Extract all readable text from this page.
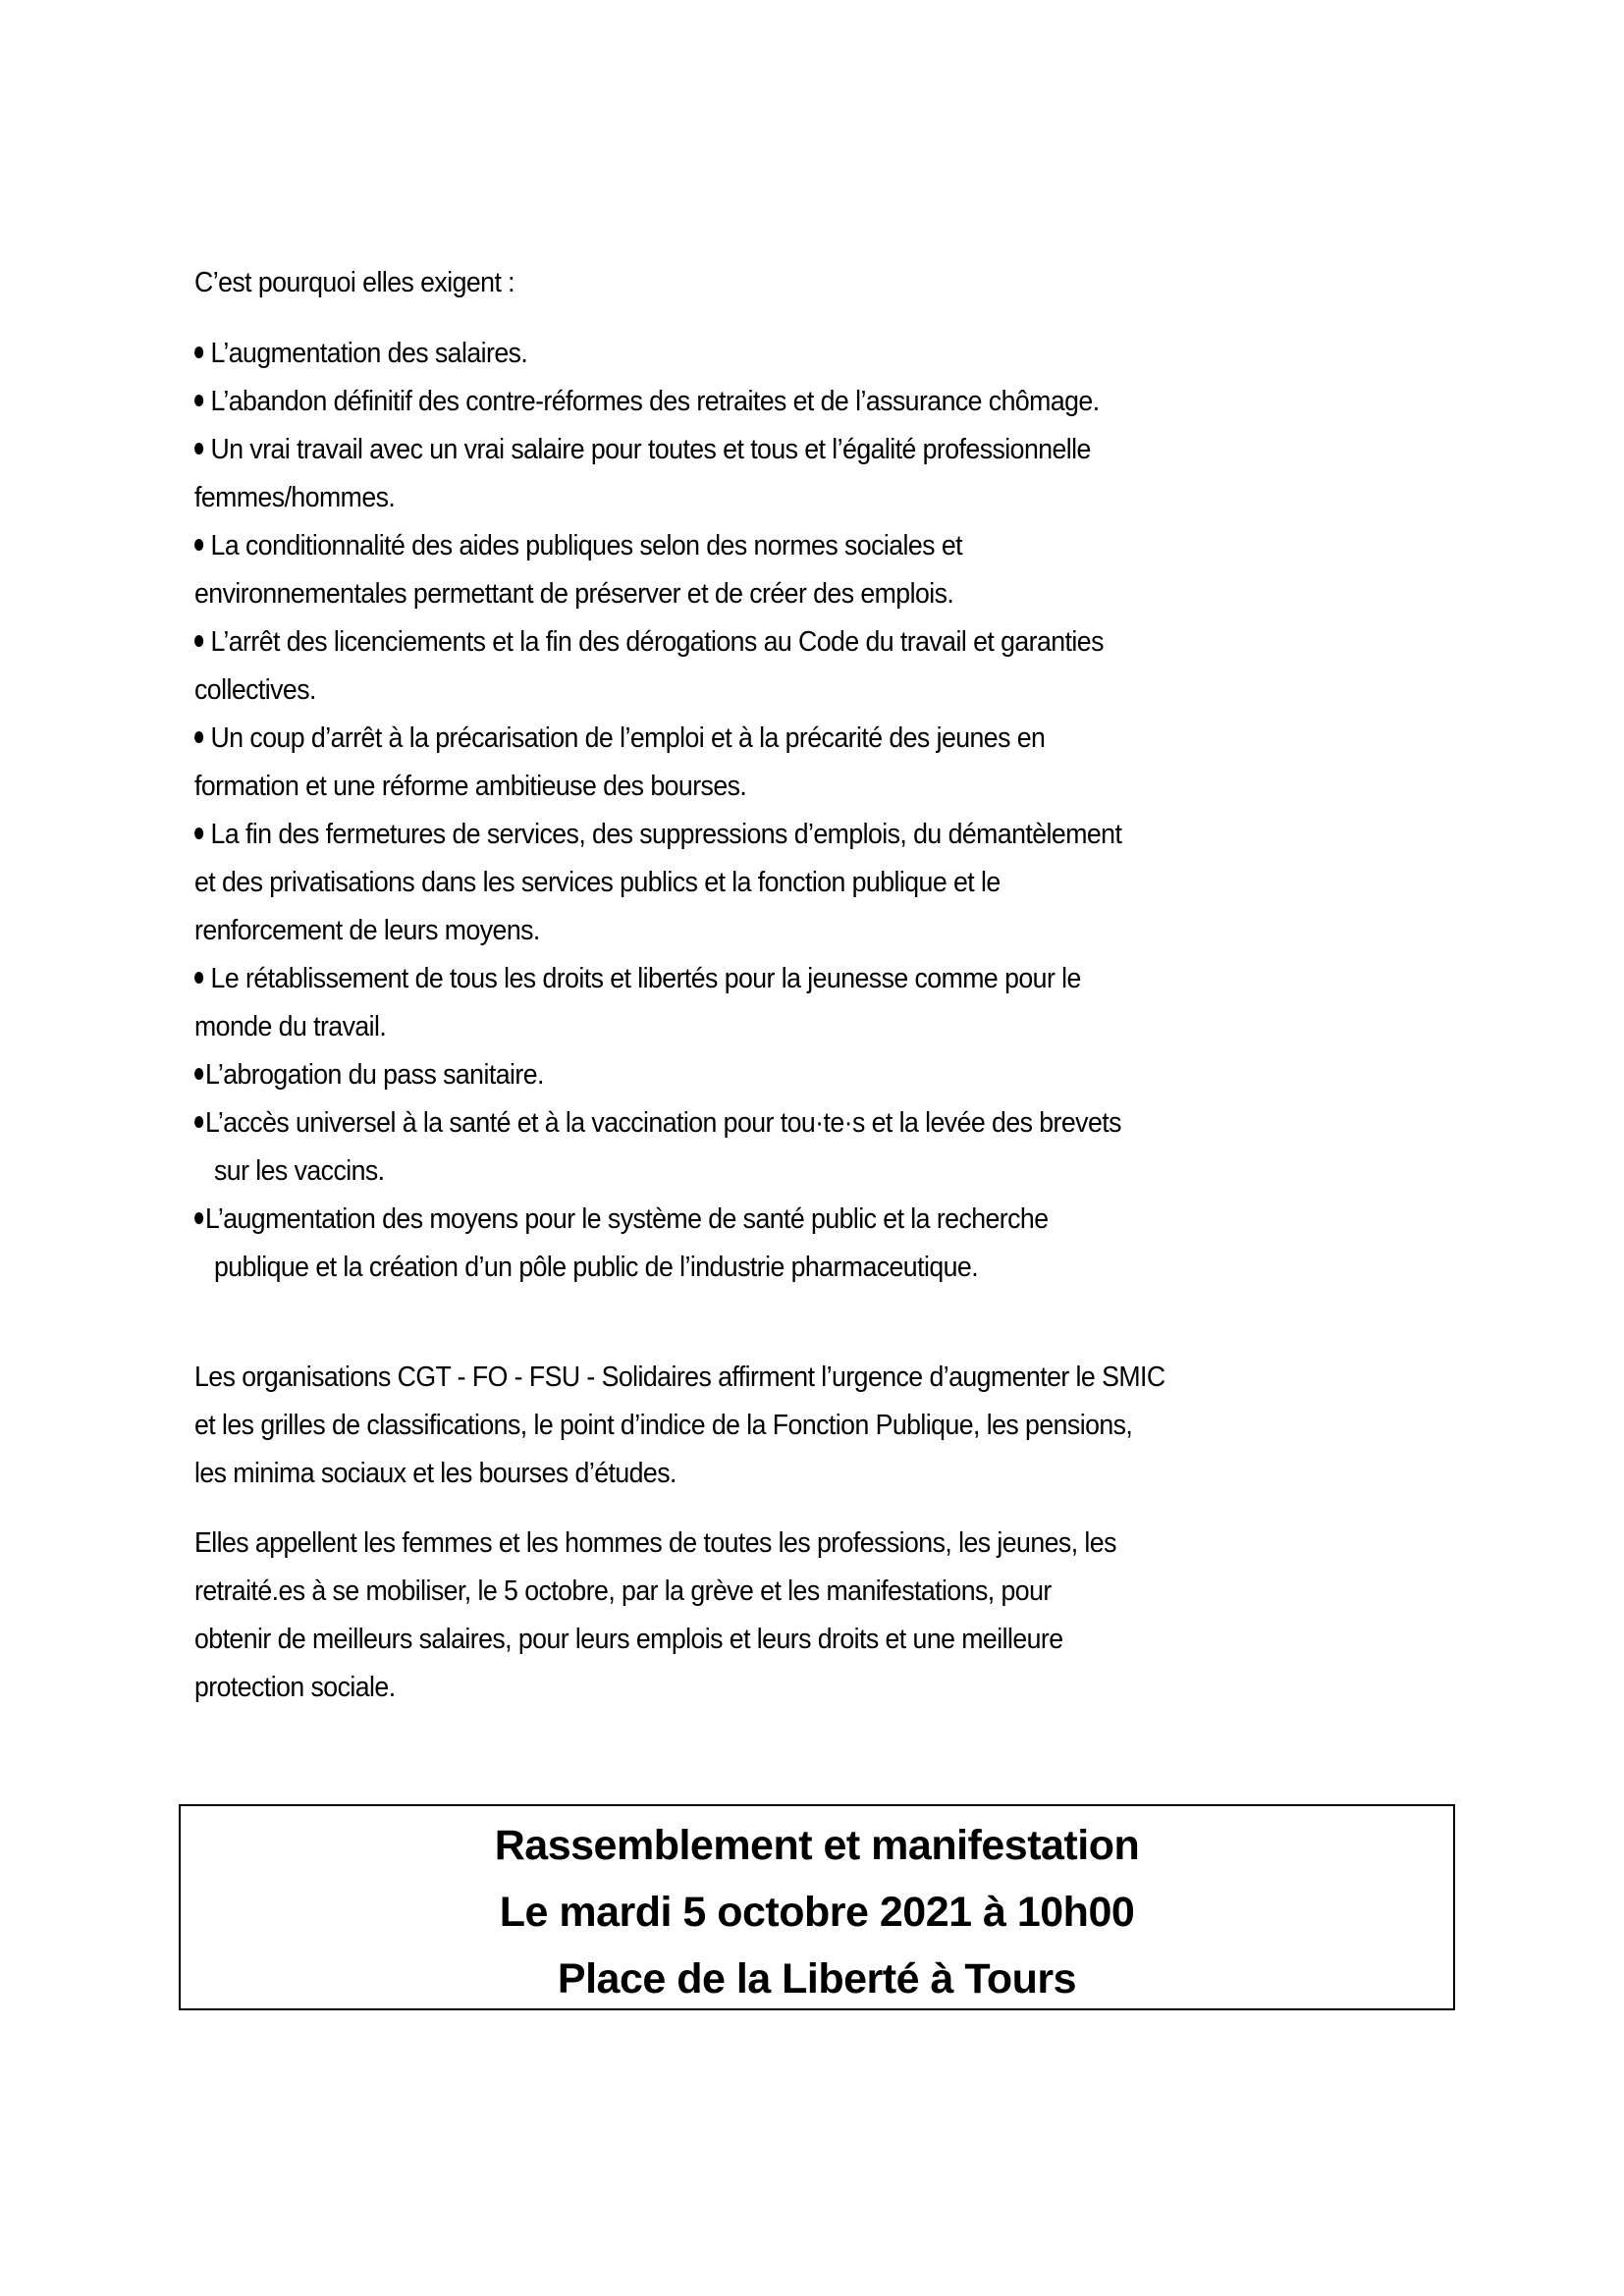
C’est pourquoi elles exigent :
L’augmentation des salaires.
L’abandon définitif des contre-réformes des retraites et de l’assurance chômage.
Un vrai travail avec un vrai salaire pour toutes et tous et l’égalité professionnelle
femmes/hommes.
La conditionnalité des aides publiques selon des normes sociales et
environnementales permettant de préserver et de créer des emplois.
L’arrêt des licenciements et la fin des dérogations au Code du travail et garanties
collectives.
Un coup d’arrêt à la précarisation de l’emploi et à la précarité des jeunes en
formation et une réforme ambitieuse des bourses.
La fin des fermetures de services, des suppressions d’emplois, du démantèlement
et des privatisations dans les services publics et la fonction publique et le
renforcement de leurs moyens.
Le rétablissement de tous les droits et libertés pour la jeunesse comme pour le
monde du travail.
L’abrogation du pass sanitaire.
L’accès universel à la santé et à la vaccination pour tou·te·s et la levée des brevets
sur les vaccins.
L’augmentation des moyens pour le système de santé public et la recherche
publique et la création d’un pôle public de l’industrie pharmaceutique.
Les organisations CGT - FO - FSU - Solidaires affirment l’urgence d’augmenter le SMIC
et les grilles de classifications, le point d’indice de la Fonction Publique, les pensions,
les minima sociaux et les bourses d’études.
Elles appellent les femmes et les hommes de toutes les professions, les jeunes, les
retraité.es à se mobiliser, le 5 octobre, par la grève et les manifestations, pour
obtenir de meilleurs salaires, pour leurs emplois et leurs droits et une meilleure
protection sociale.
Rassemblement et manifestation
Le mardi 5 octobre 2021 à 10h00
Place de la Liberté à Tours
